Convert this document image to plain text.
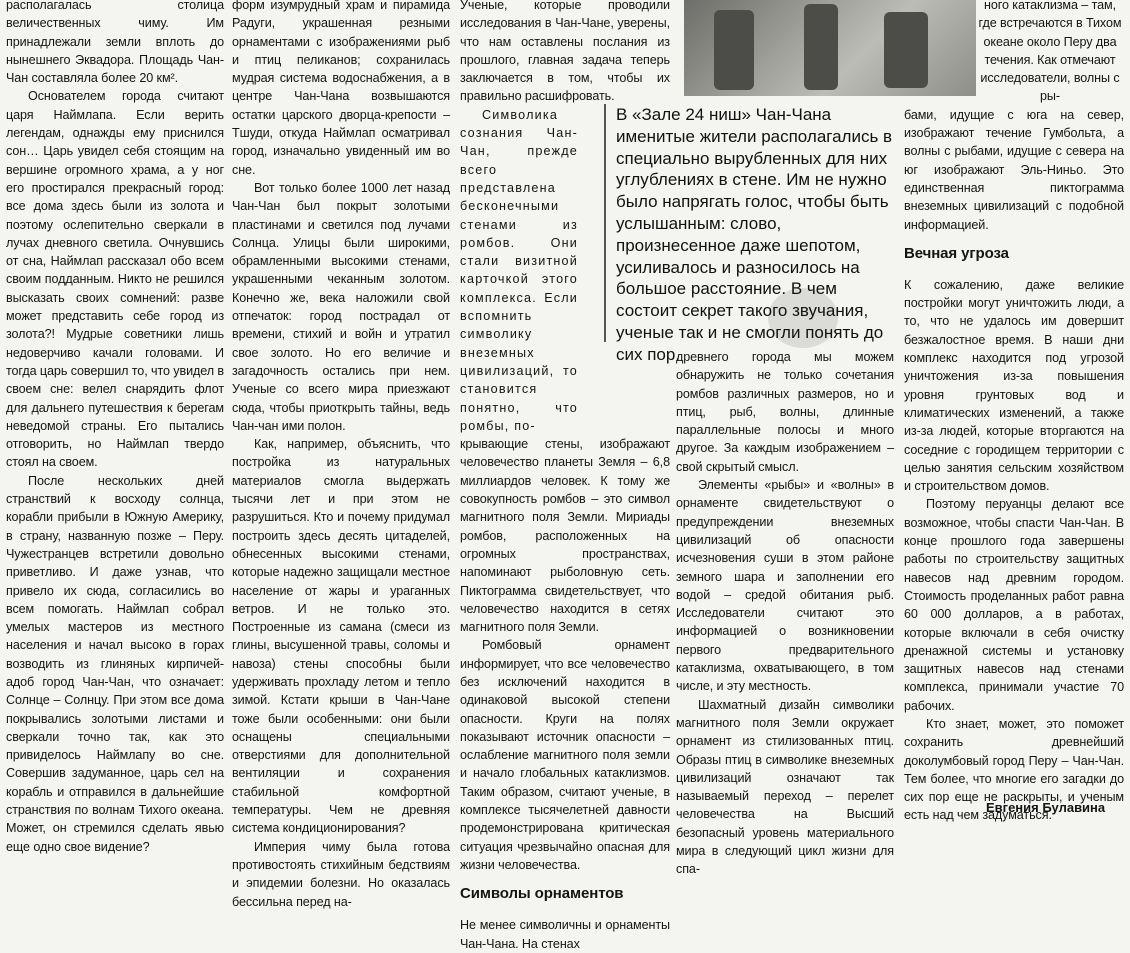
располагалась столица величественных чиму. Им принадлежали земли вплоть до нынешнего Эквадора. Площадь Чан-Чан составляла более 20 км².

Основателем города считают царя Наймлапа. Если верить легендам, однажды ему приснился сон… Царь увидел себя стоящим на вершине огромного храма, а у ног его простирался прекрасный город: все дома здесь были из золота и поэтому ослепительно сверкали в лучах дневного светила. Очнувшись от сна, Наймлап рассказал обо всем своим подданным. Никто не решился высказать своих сомнений: разве может представить себе город из золота?! Мудрые советники лишь недоверчиво качали головами. И тогда царь совершил то, что увидел в своем сне: велел снарядить флот для дальнего путешествия к берегам неведомой страны. Его пытались отговорить, но Наймлап твердо стоял на своем.

После нескольких дней странствий к восходу солнца, корабли прибыли в Южную Америку, в страну, названную позже – Перу. Чужестранцев встретили довольно приветливо. И даже узнав, что привело их сюда, согласились во всем помогать. Наймлап собрал умелых мастеров из местного населения и начал высоко в горах возводить из глиняных кирпичей-адоб город Чан-Чан, что означает: Солнце – Солнцу. При этом все дома покрывались золотыми листами и сверкали точно так, как это привиделось Наймлапу во сне. Совершив задуманное, царь сел на корабль и отправился в дальнейшие странствия по волнам Тихого океана. Может, он стремился сделать явью еще одно свое видение?

форм изумрудный храм и пирамида Радуги, украшенная резными орнаментами с изображениями рыб и птиц пеликанов; сохранилась мудрая система водоснабжения, а в центре Чан-Чана возвышаются остатки царского дворца-крепости – Тшуди, откуда Наймлап осматривал город, изначально увиденный им во сне.

Вот только более 1000 лет назад Чан-Чан был покрыт золотыми пластинами и светился под лучами Солнца. Улицы были широкими, обрамленными высокими стенами, украшенными чеканным золотом. Конечно же, века наложили свой отпечаток: город пострадал от времени, стихий и войн и утратил свое золото. Но его величие и загадочность остались при нем. Ученые со всего мира приезжают сюда, чтобы приоткрыть тайны, ведь Чан-чан ими полон.

Как, например, объяснить, что постройка из натуральных материалов смогла выдержать тысячи лет и при этом не разрушиться. Кто и почему придумал построить здесь десять цитаделей, обнесенных высокими стенами, которые надежно защищали местное население от жары и ураганных ветров. И не только это. Построенные из самана (смеси из глины, высушенной травы, соломы и навоза) стены способны были удерживать прохладу летом и тепло зимой. Кстати крыши в Чан-Чане тоже были особенными: они были оснащены специальными отверстиями для дополнительной вентиляции и сохранения стабильной комфортной температуры. Чем не древняя система кондиционирования?

Империя чиму была готова противостоять стихийным бедствиям и эпидемии болезни. Но оказалась бессильна перед на-

Ученые, которые проводили исследования в Чан-Чане, уверены, что нам оставлены послания из прошлого, главная задача теперь заключается в том, чтобы их правильно расшифровать.

Символика сознания Чан-Чан, прежде всего представлена бесконечными стенами из ромбов. Они стали визитной карточкой этого комплекса. Если вспомнить символику внеземных цивилизаций, то становится понятно, что ромбы, по-

крывающие стены, изображают человечество планеты Земля – 6,8 миллиардов человек. К тому же совокупность ромбов – это символ магнитного поля Земли. Мириады ромбов, расположенных на огромных пространствах, напоминают рыболовную сеть. Пиктограмма свидетельствует, что человечество находится в сетях магнитного поля Земли.

Ромбовый орнамент информирует, что все человечество без исключений находится в одинаковой высокой степени опасности. Круги на полях показывают источник опасности – ослабление магнитного поля земли и начало глобальных катаклизмов. Таким образом, считают ученые, в комплексе тысячелетней давности продемонстрирована критическая ситуация чрезвычайно опасная для жизни человечества.

Символы орнаментов

Не менее символичны и орнаменты Чан-Чана. На стенах

В «Зале 24 ниш» Чан-Чана именитые жители располагались в специально вырубленных для них углублениях в стене. Им не нужно было напрягать голос, чтобы быть услышанным: слово, произнесенное даже шепотом, усиливалось и разносилось на большое расстояние. В чем состоит секрет такого звучания, ученые так и не смогли понять до сих пор.

древнего города мы можем обнаружить не только сочетания ромбов различных размеров, но и птиц, рыб, волны, длинные параллельные полосы и много другое. За каждым изображением – свой скрытый смысл.

Элементы «рыбы» и «волны» в орнаменте свидетельствуют о предупреждении внеземных цивилизаций об опасности исчезновения суши в этом районе земного шара и заполнении его водой – средой обитания рыб. Исследователи считают это информацией о возникновении первого предварительного катаклизма, охватывающего, в том числе, и эту местность.

Шахматный дизайн символики магнитного поля Земли окружает орнамент из стилизованных птиц. Образы птиц в символике внеземных цивилизаций означают так называемый переход – перелет человечества на Высший безопасный уровень материального мира в следующий цикл жизни для спа-

ного катаклизма – там, где встречаются в Тихом океане около Перу два течения. Как отмечают исследователи, волны с ры-

бами, идущие с юга на север, изображают течение Гумбольта, а волны с рыбами, идущие с севера на юг изображают Эль-Ниньо. Это единственная пиктограмма внеземных цивилизаций с подобной информацией.

Вечная угроза

К сожалению, даже великие постройки могут уничтожить люди, а то, что не удалось им довершит безжалостное время. В наши дни комплекс находится под угрозой уничтожения из-за повышения уровня грунтовых вод и климатических изменений, а также из-за людей, которые вторгаются на соседние с городищем территории с целью занятия сельским хозяйством и строительством домов.

Поэтому перуанцы делают все возможное, чтобы спасти Чан-Чан. В конце прошлого года завершены работы по строительству защитных навесов над древним городом. Стоимость проделанных работ равна 60 000 долларов, а в работах, которые включали в себя очистку дренажной системы и установку защитных навесов над стенами комплекса, принимали участие 70 рабочих.

Кто знает, может, это поможет сохранить древнейший доколумбовый город Перу – Чан-Чан. Тем более, что многие его загадки до сих пор еще не раскрыты, и ученым есть над чем задуматься.

Евгения Булавина
